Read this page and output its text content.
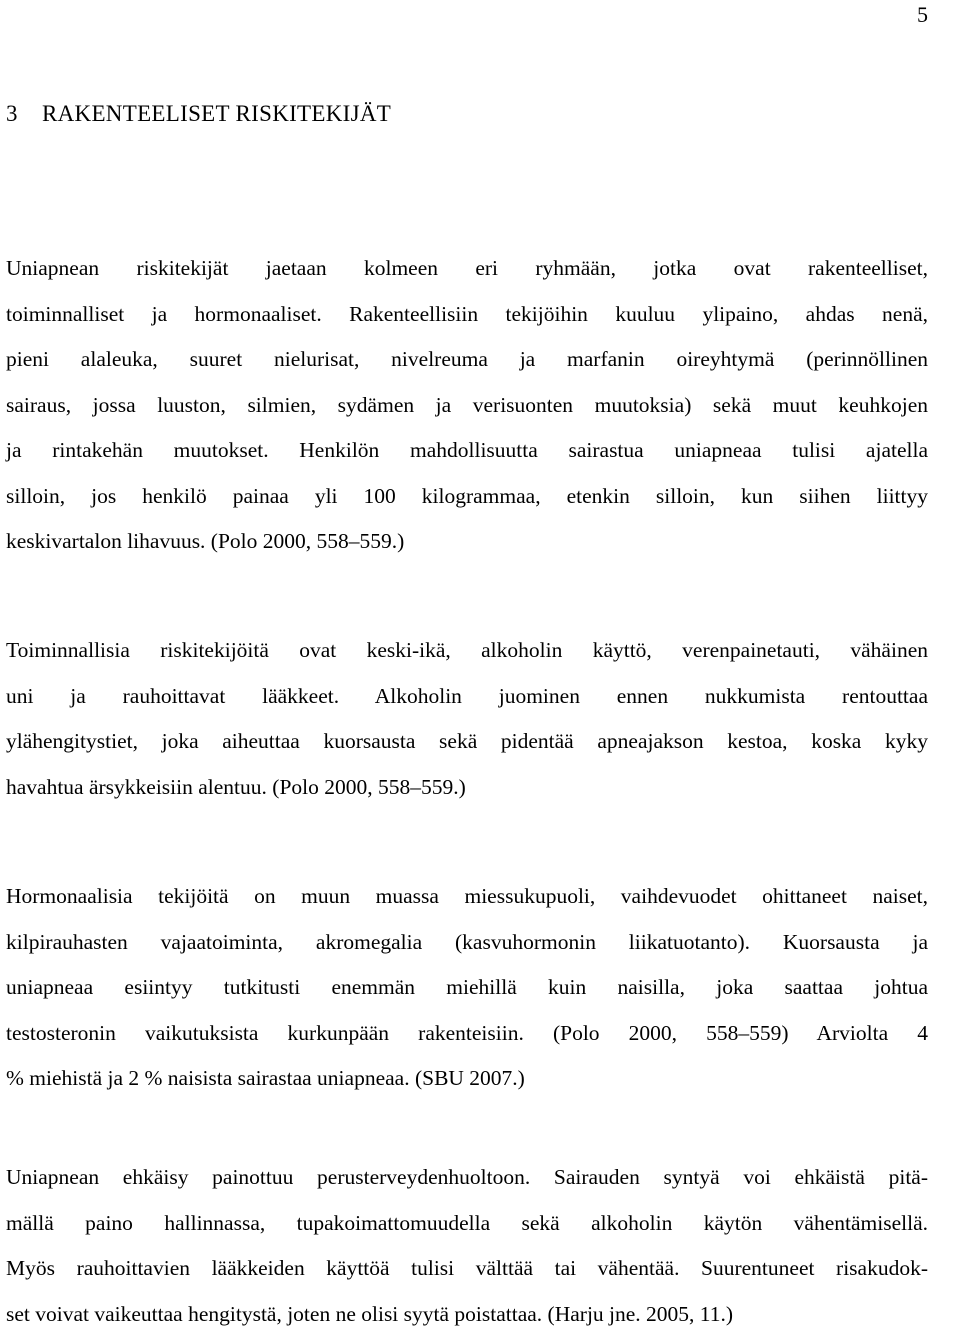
5
3 RAKENTEELISET RISKITEKIJÄT

Uniapnean riskitekijät jaetaan kolmeen eri ryhmään, jotka ovat rakenteelliset,
toiminnalliset ja hormonaaliset. Rakenteellisiin tekijöihin kuuluu ylipaino, ahdas nenä,
pieni alaleuka, suuret nielurisat, nivelreuma ja marfanin oireyhtymä (perinnöllinen
sairaus, jossa luuston, silmien, sydämen ja verisuonten muutoksia) sekä muut keuhkojen
ja rintakehän muutokset. Henkilön mahdollisuutta sairastua uniapneaa tulisi ajatella
silloin, jos henkilö painaa yli 100 kilogrammaa, etenkin silloin, kun siihen liittyy
keskivartalon lihavuus. (Polo 2000, 558–559.)

Toiminnallisia riskitekijöitä ovat keski-ikä, alkoholin käyttö, verenpainetauti, vähäinen
uni ja rauhoittavat lääkkeet. Alkoholin juominen ennen nukkumista rentouttaa
ylähengitystiet, joka aiheuttaa kuorsausta sekä pidentää apneajakson kestoa, koska kyky
havahtua ärsykkeisiin alentuu. (Polo 2000, 558–559.)

Hormonaalisia tekijöitä on muun muassa miessukupuoli, vaihdevuodet ohittaneet naiset,
kilpirauhasten vajaatoiminta, akromegalia (kasvuhormonin liikatuotanto). Kuorsausta ja
uniapneaa esiintyy tutkitusti enemmän miehillä kuin naisilla, joka saattaa johtua
testosteronin vaikutuksista kurkunpään rakenteisiin. (Polo 2000, 558–559) Arviolta 4
% miehistä ja 2 % naisista sairastaa uniapneaa. (SBU 2007.)

Uniapnean ehkäisy painottuu perusterveydenhuoltoon. Sairauden syntyä voi ehkäistä pitä-
mällä paino hallinnassa, tupakoimattomuudella sekä alkoholin käytön vähentämisellä.
Myös rauhoittavien lääkkeiden käyttöä tulisi välttää tai vähentää. Suurentuneet risakudok-
set voivat vaikeuttaa hengitystä, joten ne olisi syytä poistattaa. (Harju jne. 2005, 11.)
